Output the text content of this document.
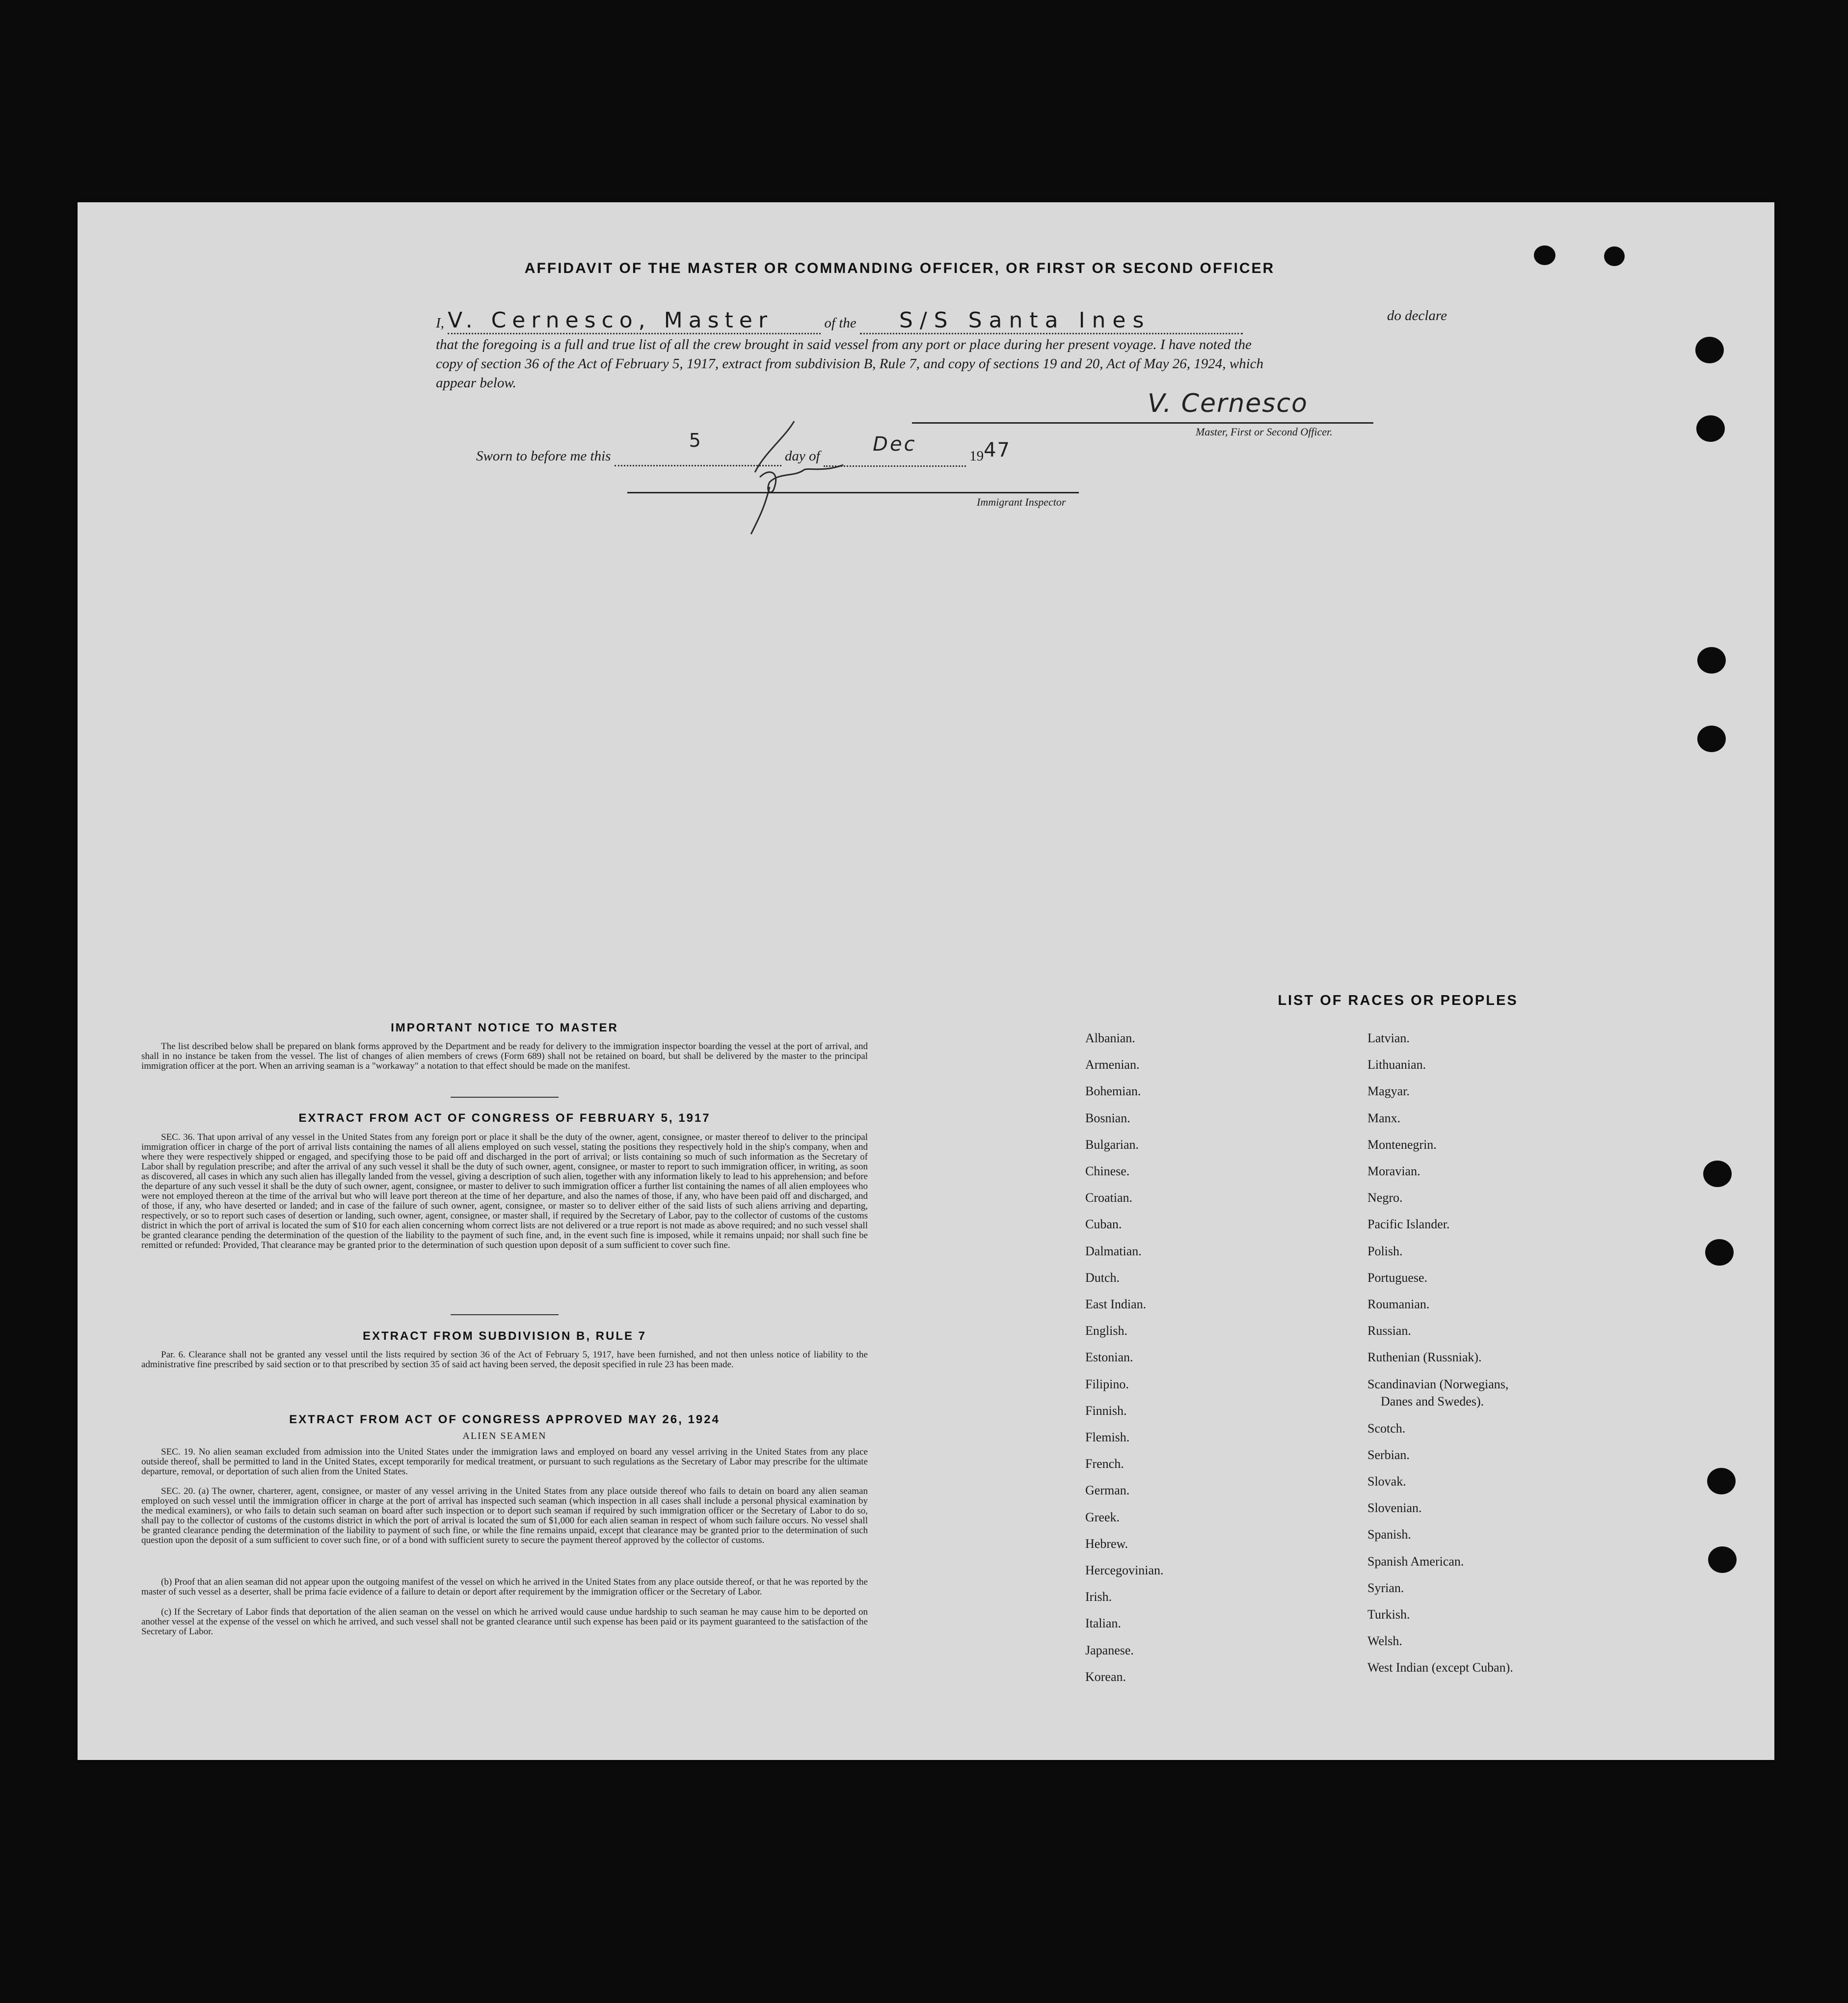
AFFIDAVIT OF THE MASTER OR COMMANDING OFFICER, OR FIRST OR SECOND OFFICER
I, V. Cernesco, Master	of the S/S Santa Ines	do declare
that the foregoing is a full and true list of all the crew brought in said vessel from any port or place during her present voyage. I have noted the
copy of section 36 of the Act of February 5, 1917, extract from subdivision B, Rule 7, and copy of sections 19 and 20, Act of May 26, 1924, which
appear below.
V. Cernesco
Master, First or Second Officer.
Sworn to before me this 5 day of Dec 1947
Immigrant Inspector
IMPORTANT NOTICE TO MASTER
The list described below shall be prepared on blank forms approved by the Department and be ready for delivery to the immigration inspector boarding the vessel at the port of arrival, and shall in no instance be taken from the vessel. The list of changes of alien members of crews (Form 689) shall not be retained on board, but shall be delivered by the master to the principal immigration officer at the port. When an arriving seaman is a "workaway" a notation to that effect should be made on the manifest.
EXTRACT FROM ACT OF CONGRESS OF FEBRUARY 5, 1917
SEC. 36. That upon arrival of any vessel in the United States from any foreign port or place it shall be the duty of the owner, agent, consignee, or master thereof to deliver to the principal immigration officer in charge of the port of arrival lists containing the names of all aliens employed on such vessel, stating the positions they respectively hold in the ship's company, when and where they were respectively shipped or engaged, and specifying those to be paid off and discharged in the port of arrival; or lists containing so much of such information as the Secretary of Labor shall by regulation prescribe; and after the arrival of any such vessel it shall be the duty of such owner, agent, consignee, or master to report to such immigration officer, in writing, as soon as discovered, all cases in which any such alien has illegally landed from the vessel, giving a description of such alien, together with any information likely to lead to his apprehension; and before the departure of any such vessel it shall be the duty of such owner, agent, consignee, or master to deliver to such immigration officer a further list containing the names of all alien employees who were not employed thereon at the time of the arrival but who will leave port thereon at the time of her departure, and also the names of those, if any, who have been paid off and discharged, and of those, if any, who have deserted or landed; and in case of the failure of such owner, agent, consignee, or master so to deliver either of the said lists of such aliens arriving and departing, respectively, or so to report such cases of desertion or landing, such owner, agent, consignee, or master shall, if required by the Secretary of Labor, pay to the collector of customs of the customs district in which the port of arrival is located the sum of $10 for each alien concerning whom correct lists are not delivered or a true report is not made as above required; and no such vessel shall be granted clearance pending the determination of the question of the liability to the payment of such fine, and, in the event such fine is imposed, while it remains unpaid; nor shall such fine be remitted or refunded: Provided, That clearance may be granted prior to the determination of such question upon deposit of a sum sufficient to cover such fine.
EXTRACT FROM SUBDIVISION B, RULE 7
Par. 6. Clearance shall not be granted any vessel until the lists required by section 36 of the Act of February 5, 1917, have been furnished, and not then unless notice of liability to the administrative fine prescribed by said section or to that prescribed by section 35 of said act having been served, the deposit specified in rule 23 has been made.
EXTRACT FROM ACT OF CONGRESS APPROVED MAY 26, 1924
ALIEN SEAMEN
SEC. 19. No alien seaman excluded from admission into the United States under the immigration laws and employed on board any vessel arriving in the United States from any place outside thereof, shall be permitted to land in the United States, except temporarily for medical treatment, or pursuant to such regulations as the Secretary of Labor may prescribe for the ultimate departure, removal, or deportation of such alien from the United States.
SEC. 20. (a) The owner, charterer, agent, consignee, or master of any vessel arriving in the United States from any place outside thereof who fails to detain on board any alien seaman employed on such vessel until the immigration officer in charge at the port of arrival has inspected such seaman (which inspection in all cases shall include a personal physical examination by the medical examiners), or who fails to detain such seaman on board after such inspection or to deport such seaman if required by such immigration officer or the Secretary of Labor to do so, shall pay to the collector of customs of the customs district in which the port of arrival is located the sum of $1,000 for each alien seaman in respect of whom such failure occurs. No vessel shall be granted clearance pending the determination of the liability to payment of such fine, or while the fine remains unpaid, except that clearance may be granted prior to the determination of such question upon the deposit of a sum sufficient to cover such fine, or of a bond with sufficient surety to secure the payment thereof approved by the collector of customs.
(b) Proof that an alien seaman did not appear upon the outgoing manifest of the vessel on which he arrived in the United States from any place outside thereof, or that he was reported by the master of such vessel as a deserter, shall be prima facie evidence of a failure to detain or deport after requirement by the immigration officer or the Secretary of Labor.
(c) If the Secretary of Labor finds that deportation of the alien seaman on the vessel on which he arrived would cause undue hardship to such seaman he may cause him to be deported on another vessel at the expense of the vessel on which he arrived, and such vessel shall not be granted clearance until such expense has been paid or its payment guaranteed to the satisfaction of the Secretary of Labor.
LIST OF RACES OR PEOPLES
Albanian.
Armenian.
Bohemian.
Bosnian.
Bulgarian.
Chinese.
Croatian.
Cuban.
Dalmatian.
Dutch.
East Indian.
English.
Estonian.
Filipino.
Finnish.
Flemish.
French.
German.
Greek.
Hebrew.
Hercegovinian.
Irish.
Italian.
Japanese.
Korean.
Latvian.
Lithuanian.
Magyar.
Manx.
Montenegrin.
Moravian.
Negro.
Pacific Islander.
Polish.
Portuguese.
Roumanian.
Russian.
Ruthenian (Russniak).
Scandinavian (Norwegians,
Scotch.
Serbian.
Slovak.
Slovenian.
Spanish.
Spanish American.
Syrian.
Turkish.
Welsh.
West Indian (except Cuban).
Danes and Swedes).
